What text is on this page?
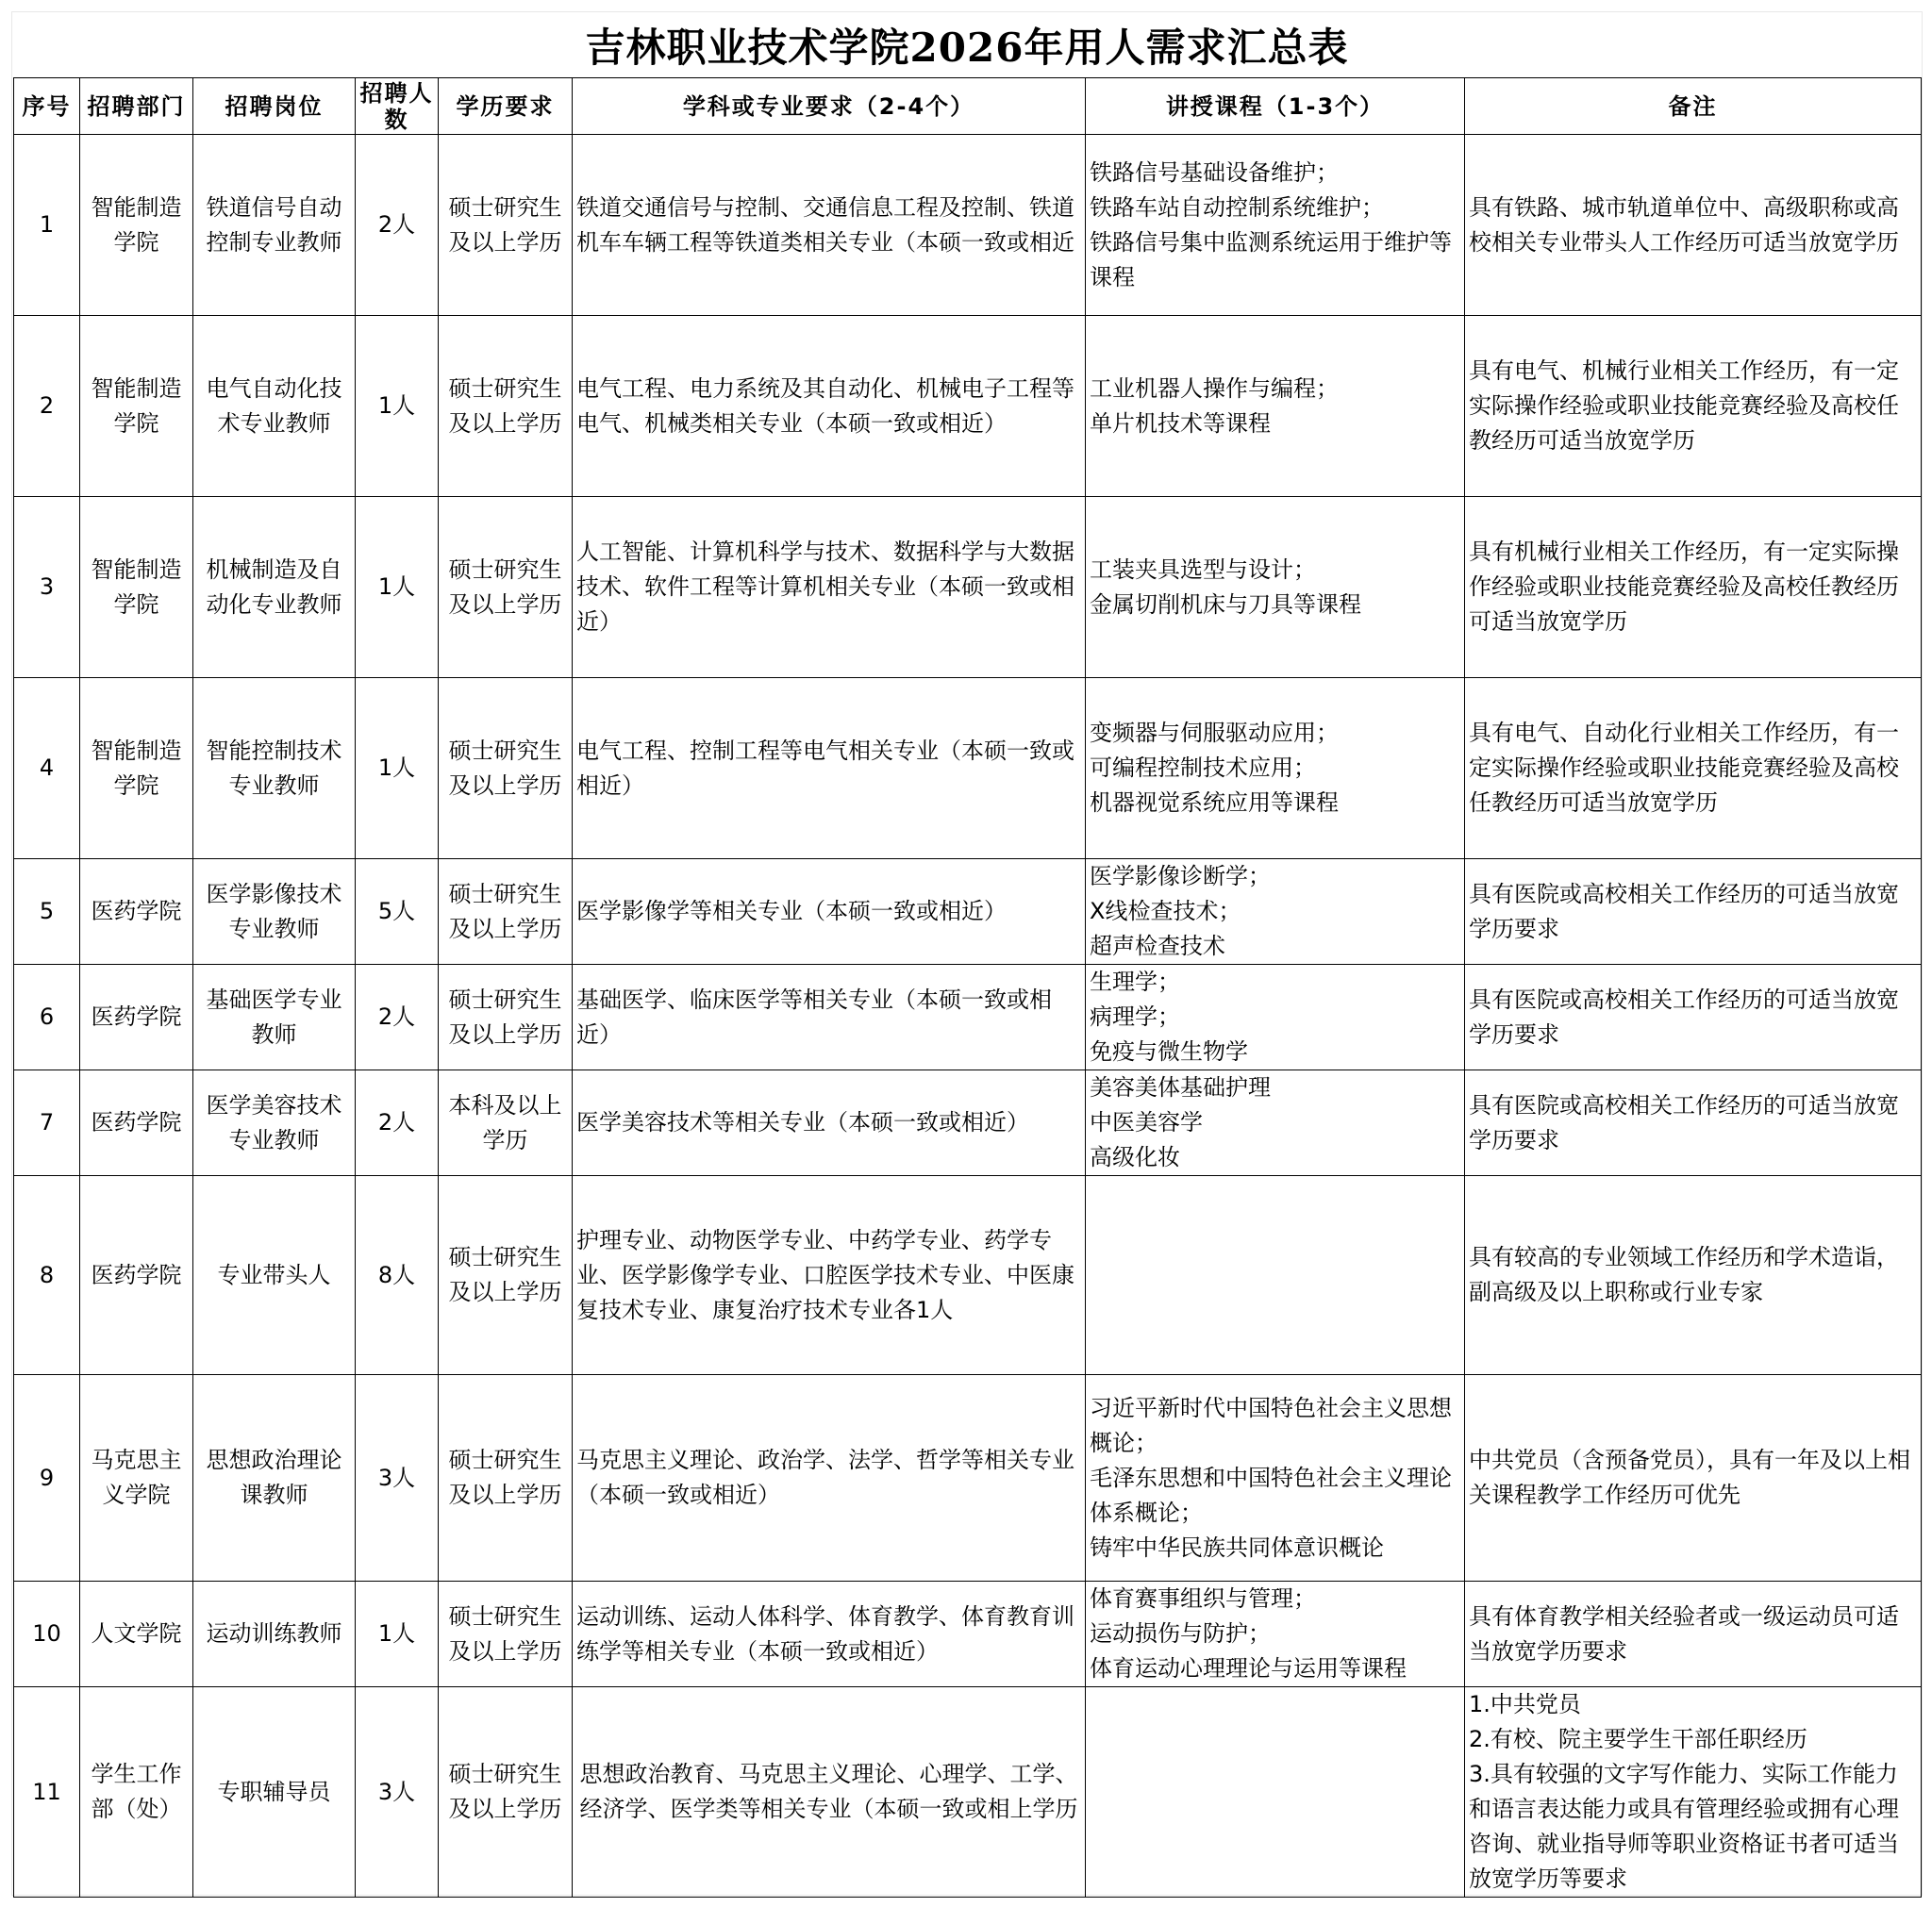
吉林职业技术学院2026年用人需求汇总表
序号	招聘部门	招聘岗位	招聘人数	学历要求	学科或专业要求（2-4个）	讲授课程（1-3个）	备注
1	智能制造学院	铁道信号自动控制专业教师	2人	硕士研究生及以上学历	铁道交通信号与控制、交通信息工程及控制、铁道机车车辆工程等铁道类相关专业（本硕一致或相近	铁路信号基础设备维护；
铁路车站自动控制系统维护；
铁路信号集中监测系统运用于维护等课程	具有铁路、城市轨道单位中、高级职称或高校相关专业带头人工作经历可适当放宽学历
2	智能制造学院	电气自动化技术专业教师	1人	硕士研究生及以上学历	电气工程、电力系统及其自动化、机械电子工程等电气、机械类相关专业（本硕一致或相近）	工业机器人操作与编程；
单片机技术等课程	具有电气、机械行业相关工作经历，有一定实际操作经验或职业技能竞赛经验及高校任教经历可适当放宽学历
3	智能制造学院	机械制造及自动化专业教师	1人	硕士研究生及以上学历	人工智能、计算机科学与技术、数据科学与大数据技术、软件工程等计算机相关专业（本硕一致或相近）	工装夹具选型与设计；
金属切削机床与刀具等课程	具有机械行业相关工作经历，有一定实际操作经验或职业技能竞赛经验及高校任教经历可适当放宽学历
4	智能制造学院	智能控制技术专业教师	1人	硕士研究生及以上学历	电气工程、控制工程等电气相关专业（本硕一致或相近）	变频器与伺服驱动应用；
可编程控制技术应用；
机器视觉系统应用等课程	具有电气、自动化行业相关工作经历，有一定实际操作经验或职业技能竞赛经验及高校任教经历可适当放宽学历
5	医药学院	医学影像技术专业教师	5人	硕士研究生及以上学历	医学影像学等相关专业（本硕一致或相近）	医学影像诊断学；
X线检查技术；
超声检查技术	具有医院或高校相关工作经历的可适当放宽学历要求
6	医药学院	基础医学专业教师	2人	硕士研究生及以上学历	基础医学、临床医学等相关专业（本硕一致或相近）	生理学；
病理学；
免疫与微生物学	具有医院或高校相关工作经历的可适当放宽学历要求
7	医药学院	医学美容技术专业教师	2人	本科及以上学历	医学美容技术等相关专业（本硕一致或相近）	美容美体基础护理
中医美容学
高级化妆	具有医院或高校相关工作经历的可适当放宽学历要求
8	医药学院	专业带头人	8人	硕士研究生及以上学历	护理专业、动物医学专业、中药学专业、药学专业、医学影像学专业、口腔医学技术专业、中医康复技术专业、康复治疗技术专业各1人		具有较高的专业领域工作经历和学术造诣，副高级及以上职称或行业专家
9	马克思主义学院	思想政治理论课教师	3人	硕士研究生及以上学历	马克思主义理论、政治学、法学、哲学等相关专业（本硕一致或相近）	习近平新时代中国特色社会主义思想概论；
毛泽东思想和中国特色社会主义理论体系概论；
铸牢中华民族共同体意识概论	中共党员（含预备党员），具有一年及以上相关课程教学工作经历可优先
10	人文学院	运动训练教师	1人	硕士研究生及以上学历	运动训练、运动人体科学、体育教学、体育教育训练学等相关专业（本硕一致或相近）	体育赛事组织与管理；
运动损伤与防护；
体育运动心理理论与运用等课程	具有体育教学相关经验者或一级运动员可适当放宽学历要求
11	学生工作部（处）	专职辅导员	3人	硕士研究生及以上学历	思想政治教育、马克思主义理论、心理学、工学、经济学、医学类等相关专业（本硕一致或相上学历		1.中共党员
2.有校、院主要学生干部任职经历
3.具有较强的文字写作能力、实际工作能力和语言表达能力或具有管理经验或拥有心理咨询、就业指导师等职业资格证书者可适当放宽学历等要求
